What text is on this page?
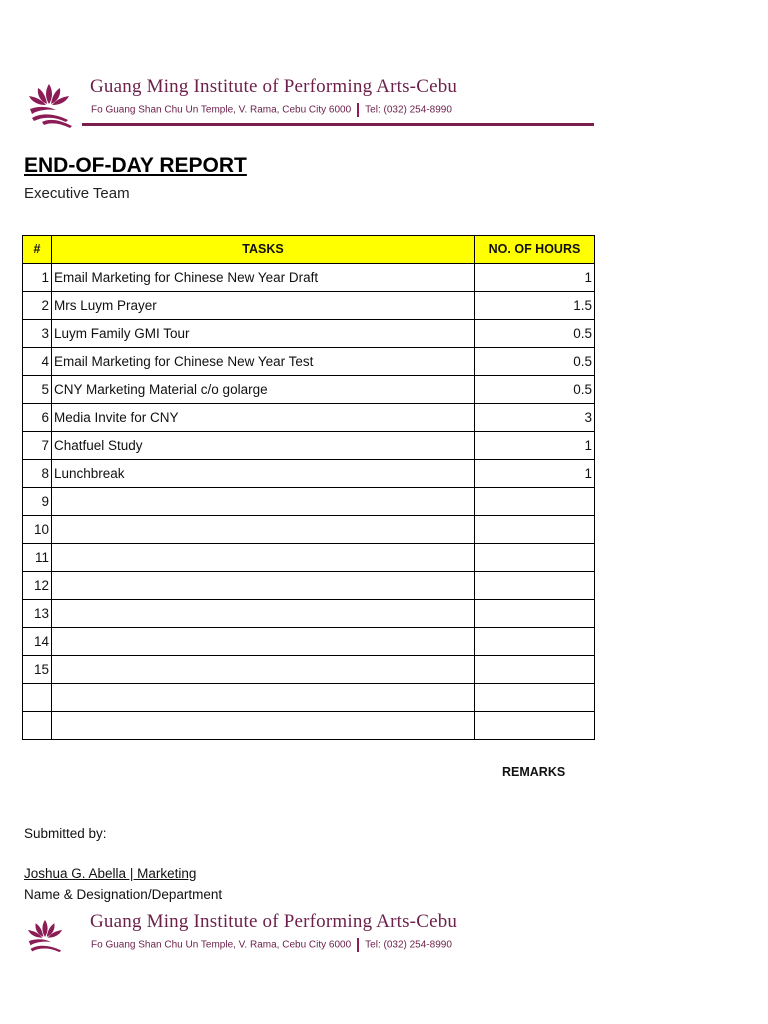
Guang Ming Institute of Performing Arts-Cebu
Fo Guang Shan Chu Un Temple, V. Rama, Cebu City 6000 Tel: (032) 254-8990
END-OF-DAY REPORT
Executive Team
#	TASKS	NO. OF HOURS
1	Email Marketing for Chinese New Year Draft	1
2	Mrs Luym Prayer	1.5
3	Luym Family GMI Tour	0.5
4	Email Marketing for Chinese New Year Test	0.5
5	CNY Marketing Material c/o golarge	0.5
6	Media Invite for CNY	3
7	Chatfuel Study	1
8	Lunchbreak	1
9		
10		
11		
12		
13		
14		
15		

REMARKS
Submitted by:
Joshua G. Abella | Marketing
Name & Designation/Department
Guang Ming Institute of Performing Arts-Cebu
Fo Guang Shan Chu Un Temple, V. Rama, Cebu City 6000 Tel: (032) 254-8990
